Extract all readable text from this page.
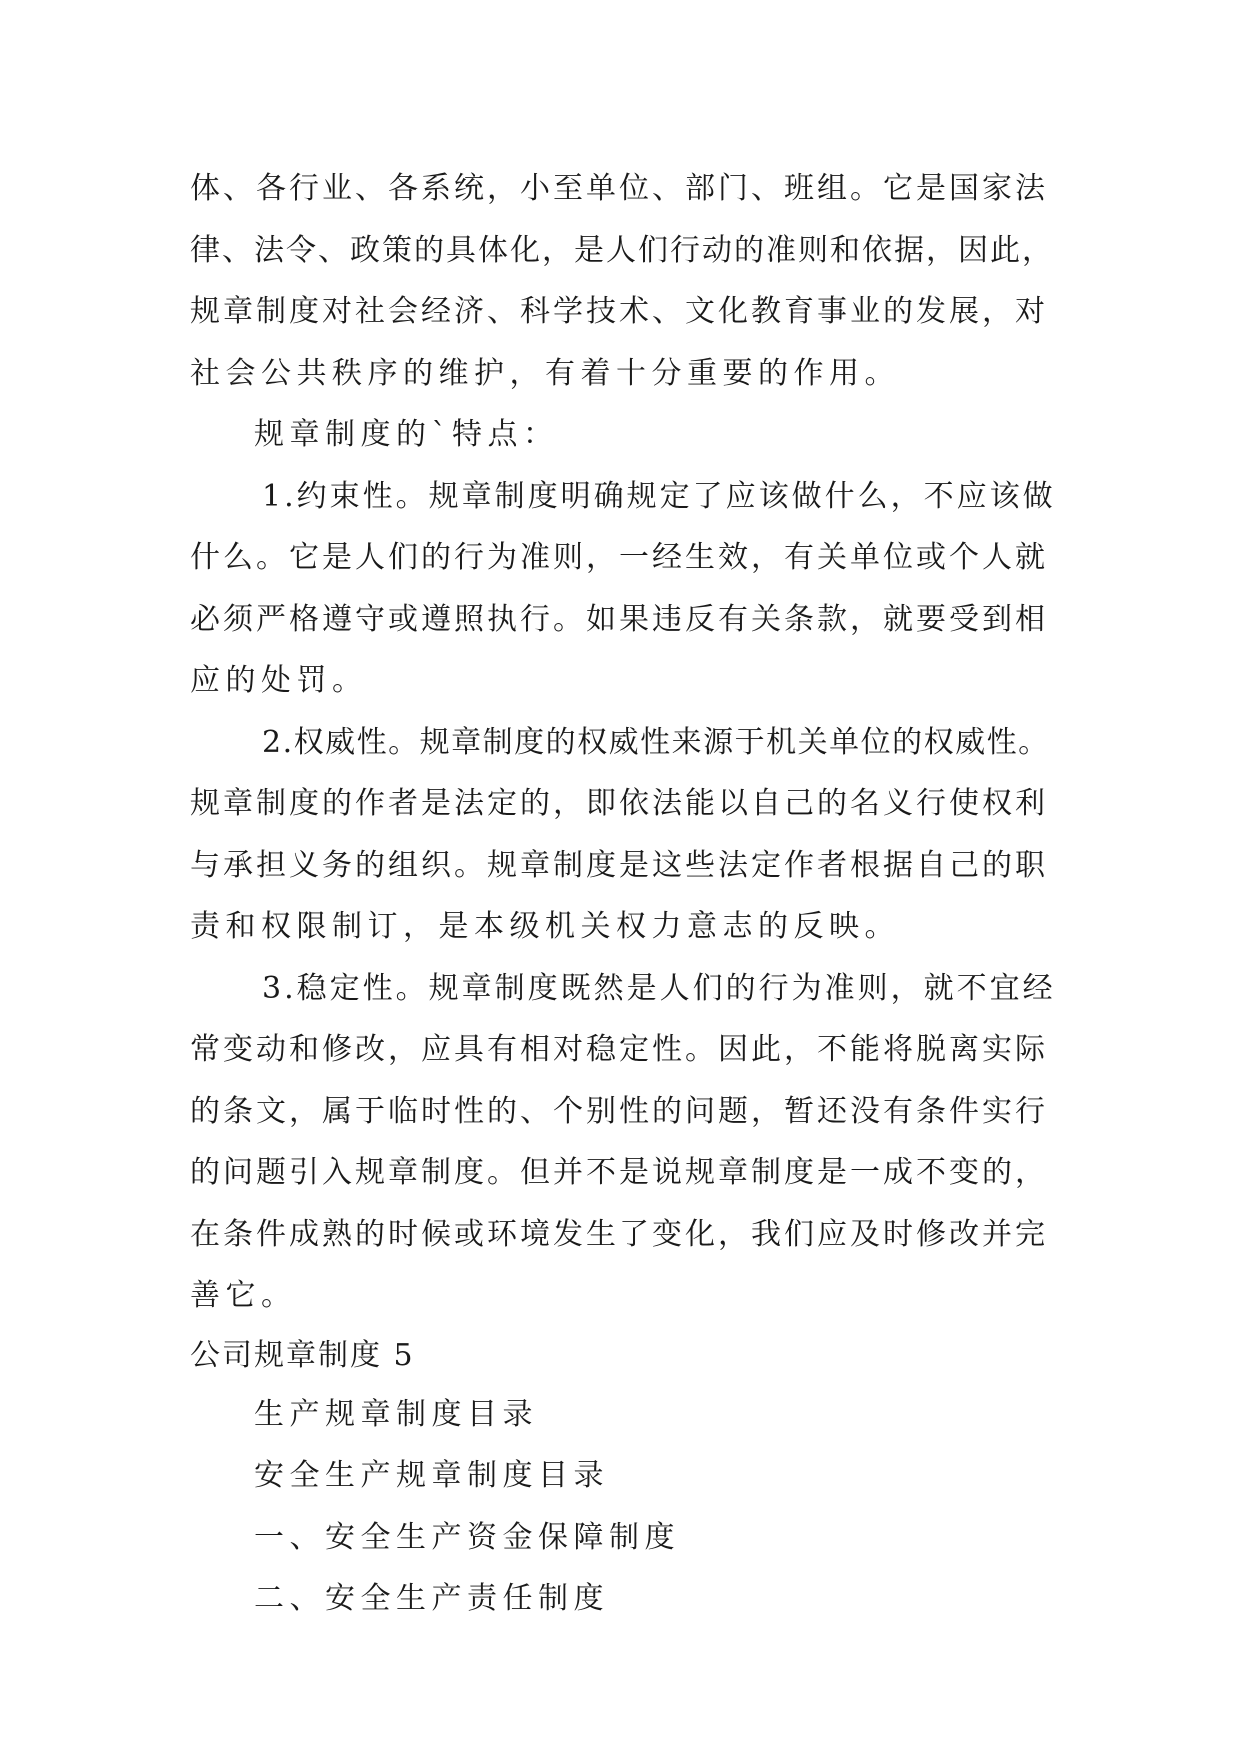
体、各行业、各系统，小至单位、部门、班组。它是国家法
律、法令、政策的具体化，是人们行动的准则和依据，因此，
规章制度对社会经济、科学技术、文化教育事业的发展，对
社会公共秩序的维护，有着十分重要的作用。
规章制度的`特点：
1.约束性。规章制度明确规定了应该做什么，不应该做
什么。它是人们的行为准则，一经生效，有关单位或个人就
必须严格遵守或遵照执行。如果违反有关条款，就要受到相
应的处罚。
2.权威性。规章制度的权威性来源于机关单位的权威性。
规章制度的作者是法定的，即依法能以自己的名义行使权利
与承担义务的组织。规章制度是这些法定作者根据自己的职
责和权限制订，是本级机关权力意志的反映。
3.稳定性。规章制度既然是人们的行为准则，就不宜经
常变动和修改，应具有相对稳定性。因此，不能将脱离实际
的条文，属于临时性的、个别性的问题，暂还没有条件实行
的问题引入规章制度。但并不是说规章制度是一成不变的，
在条件成熟的时候或环境发生了变化，我们应及时修改并完
善它。
公司规章制度 5
生产规章制度目录
安全生产规章制度目录
一、安全生产资金保障制度
二、安全生产责任制度
